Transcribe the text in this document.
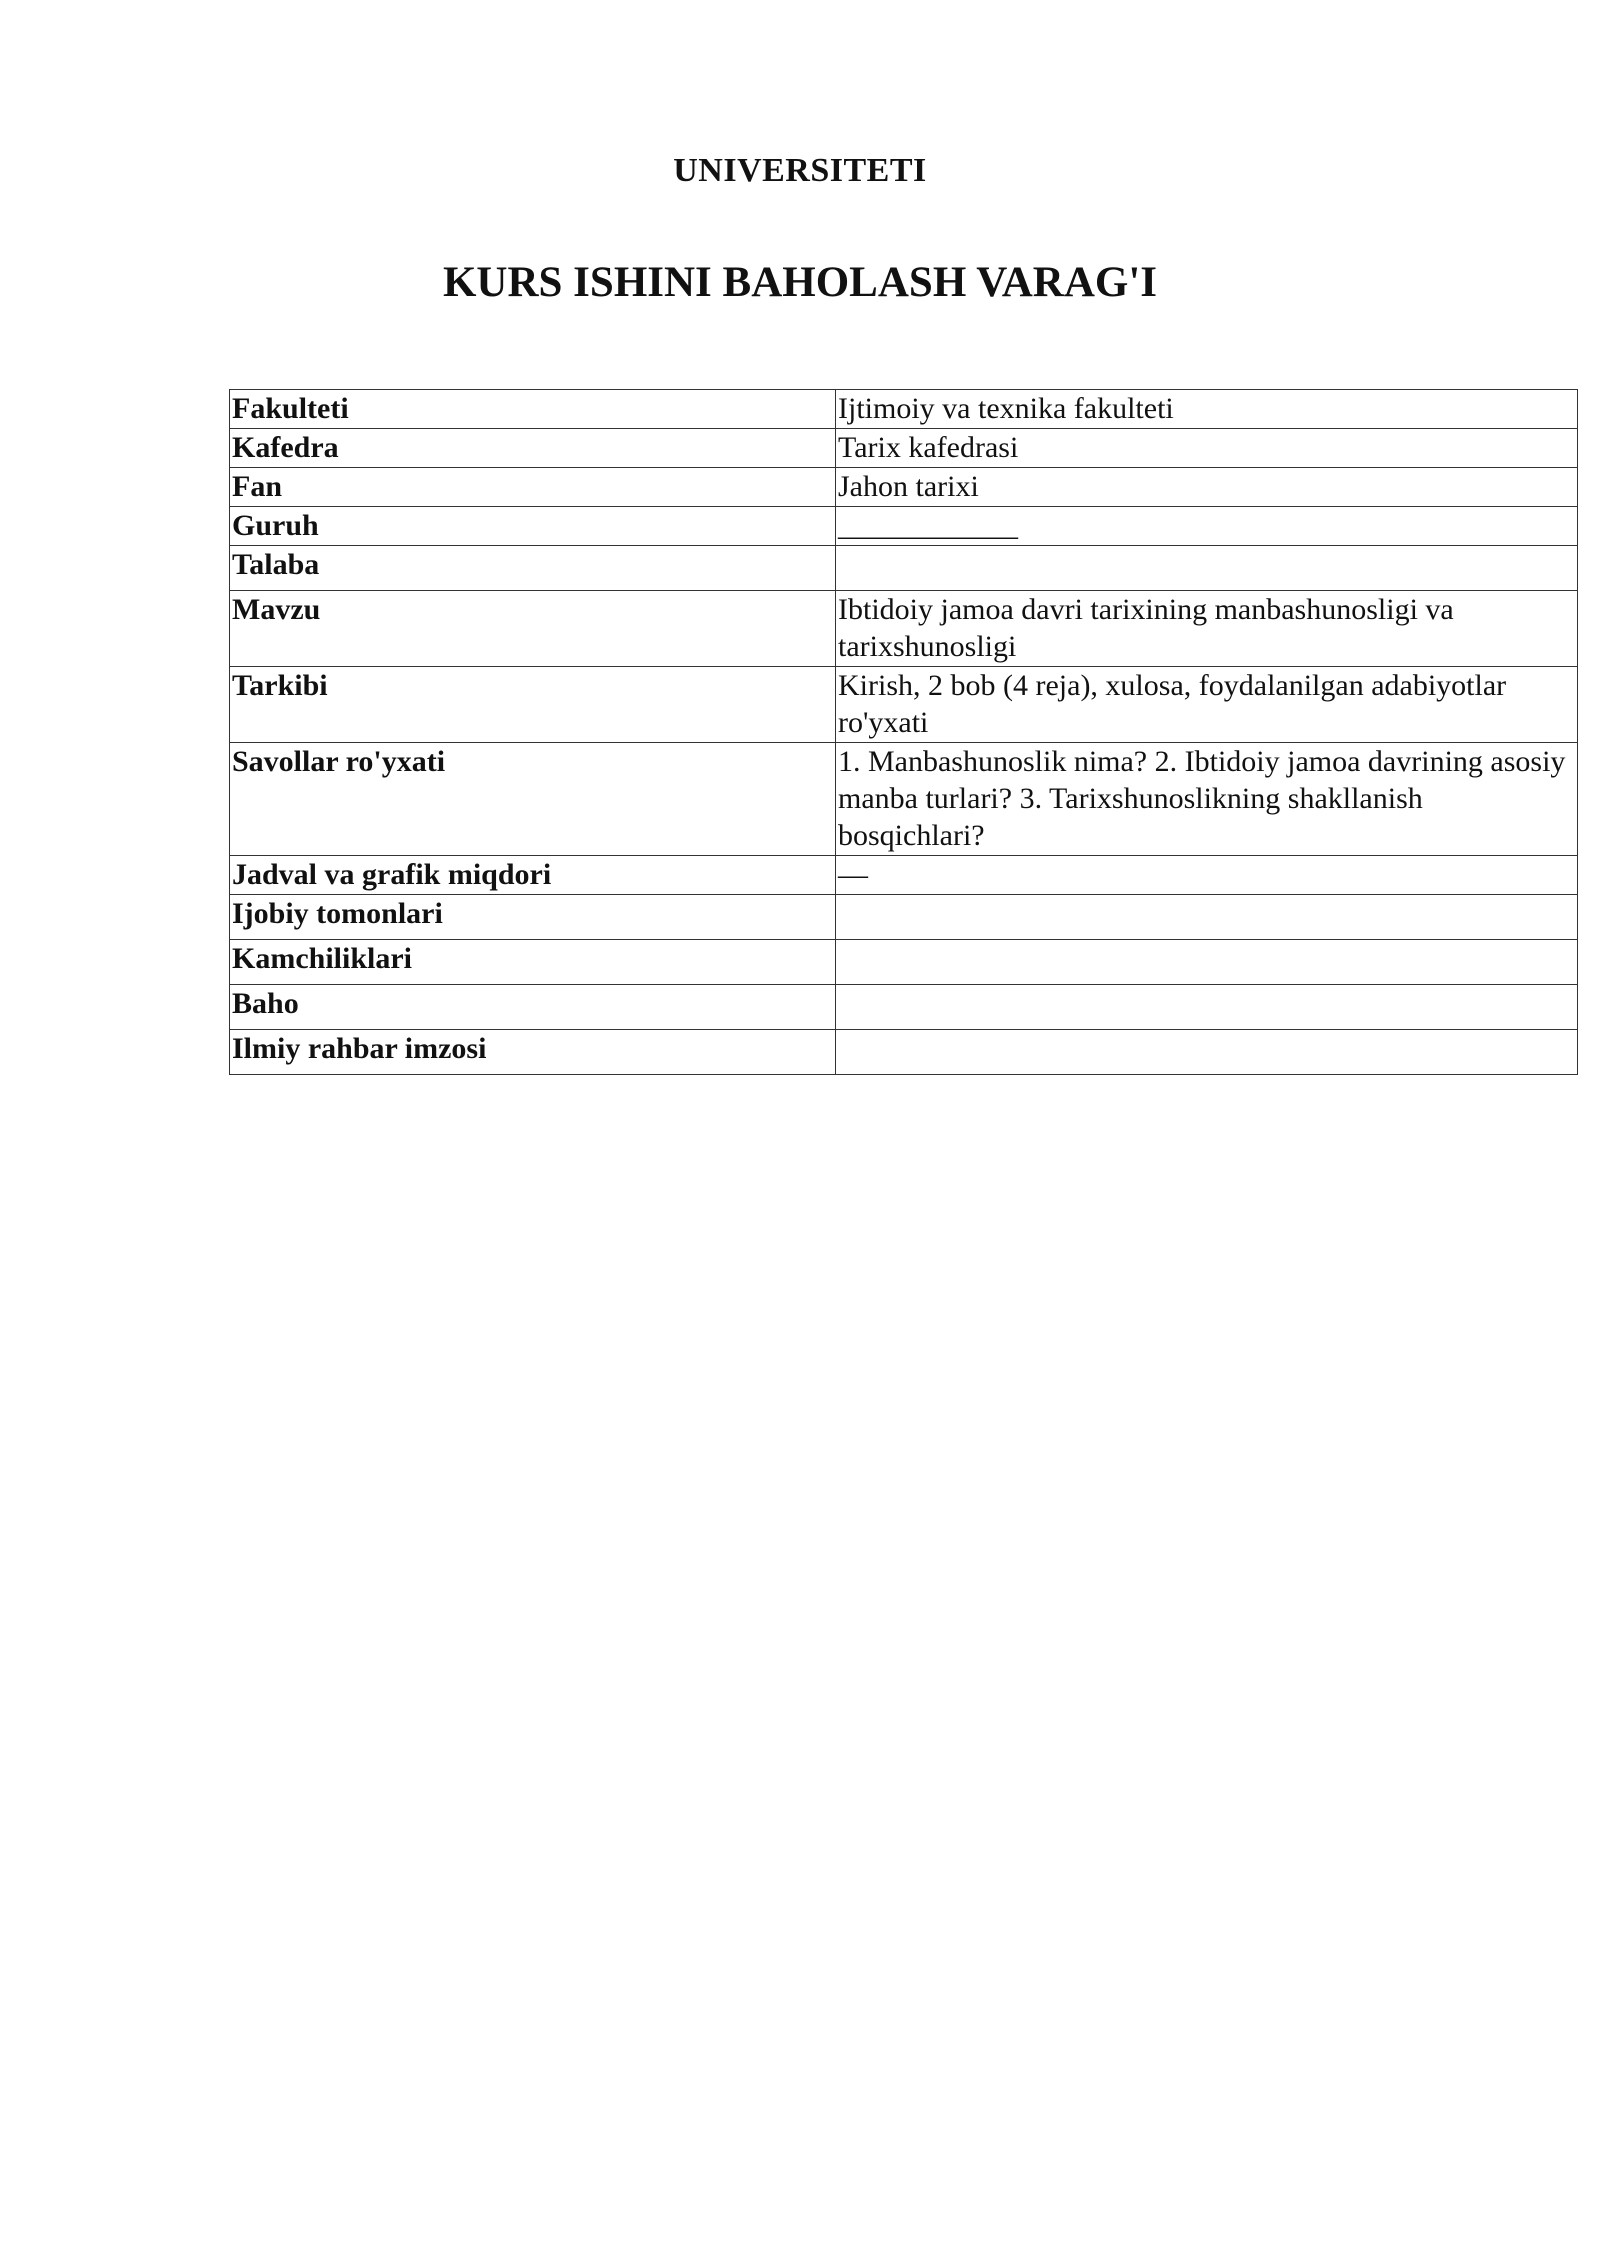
UNIVERSITETI
KURS ISHINI BAHOLASH VARAG'I
Fakulteti	Ijtimoiy va texnika fakulteti
Kafedra	Tarix kafedrasi
Fan	Jahon tarixi
Guruh	____________
Talaba	
Mavzu	Ibtidoiy jamoa davri tarixining manbashunosligi va tarixshunosligi
Tarkibi	Kirish, 2 bob (4 reja), xulosa, foydalanilgan adabiyotlar ro'yxati
Savollar ro'yxati	1. Manbashunoslik nima? 2. Ibtidoiy jamoa davrining asosiy manba turlari? 3. Tarixshunoslikning shakllanish bosqichlari?
Jadval va grafik miqdori	—
Ijobiy tomonlari	
Kamchiliklari	
Baho	
Ilmiy rahbar imzosi	
